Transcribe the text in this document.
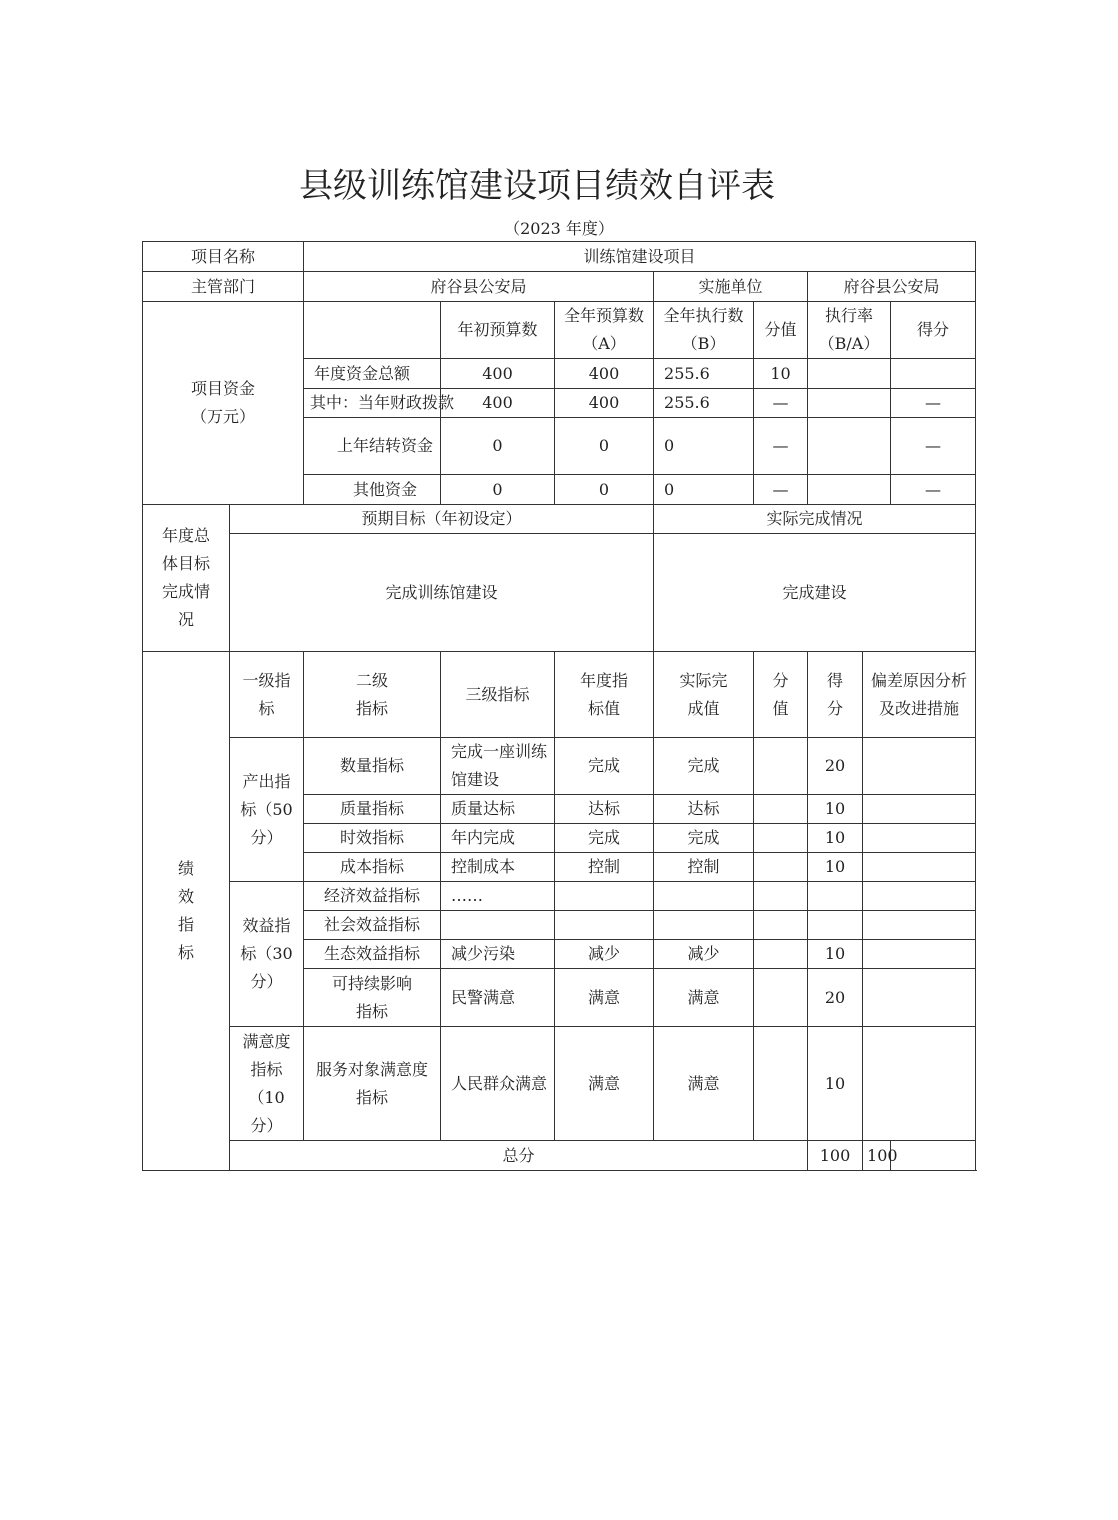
县级训练馆建设项目绩效自评表
（2023 年度）
项目名称		训练馆建设项目							
主管部门		府谷县公安局			实施单位		府谷县公安局		
项目资金
（万元）			年初预算数	全年预算数（A）	全年执行数（B）	分值	执行率（B/A）		得分
		年度资金总额	400	400	255.6	10			
		其中：当年财政拨款	400	400	255.6	—			—
		上年结转资金	0	0	0	—			—
		其他资金	0	0	0	—			—
年度总体目标完成情况	预期目标（年初设定）				实际完成情况				
	完成训练馆建设				完成建设				
绩效指标	一级指标	二级指标	三级指标	年度指标值	实际完成值	分值	得分	偏差原因分析及改进措施	
	产出指标（50分）	数量指标	完成一座训练馆建设	完成	完成		20		
		质量指标	质量达标	达标	达标		10		
		时效指标	年内完成	完成	完成		10		
		成本指标	控制成本	控制	控制		10		
	效益指标（30分）	经济效益指标	……						
		社会效益指标							
		生态效益指标	减少污染	减少	减少		10		
		可持续影响指标	民警满意	满意	满意		20		
	满意度指标（10分）	服务对象满意度指标	人民群众满意	满意	满意		10		
	总分						100	100	
